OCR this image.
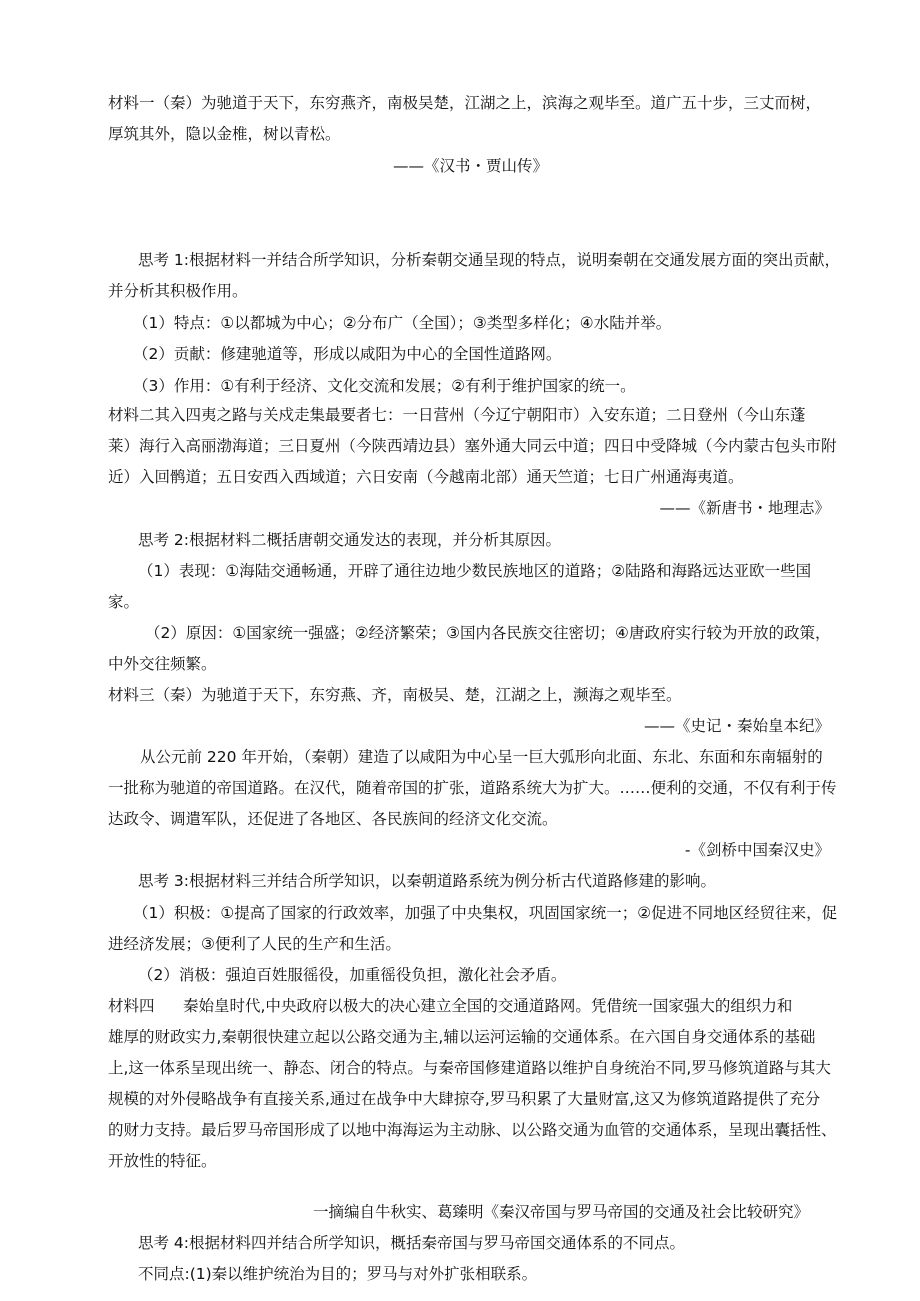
材料一（秦）为驰道于天下，东穷燕齐，南极吴楚，江湖之上，滨海之观毕至。道广五十步，三丈而树，
厚筑其外，隐以金椎，树以青松。
——《汉书・贾山传》
思考 1:根据材料一并结合所学知识，分析秦朝交通呈现的特点，说明秦朝在交通发展方面的突出贡献，
并分析其积极作用。
（1）特点：①以都城为中心；②分布广（全国）；③类型多样化；④水陆并举。
（2）贡献：修建驰道等，形成以咸阳为中心的全国性道路网。
（3）作用：①有利于经济、文化交流和发展；②有利于维护国家的统一。
材料二其入四夷之路与关戍走集最要者七：一日营州（今辽宁朝阳市）入安东道；二日登州（今山东蓬
莱）海行入高丽渤海道；三日夏州（今陕西靖边县）塞外通大同云中道；四日中受降城（今内蒙古包头市附
近）入回鹘道；五日安西入西域道；六日安南（今越南北部）通天竺道；七日广州通海夷道。
——《新唐书・地理志》
思考 2:根据材料二概括唐朝交通发达的表现，并分析其原因。
（1）表现：①海陆交通畅通，开辟了通往边地少数民族地区的道路；②陆路和海路远达亚欧一些国
家。
（2）原因：①国家统一强盛；②经济繁荣；③国内各民族交往密切；④唐政府实行较为开放的政策，
中外交往频繁。
材料三（秦）为驰道于天下，东穷燕、齐，南极吴、楚，江湖之上，濒海之观毕至。
——《史记・秦始皇本纪》
从公元前 220 年开始，（秦朝）建造了以咸阳为中心呈一巨大弧形向北面、东北、东面和东南辐射的
一批称为驰道的帝国道路。在汉代，随着帝国的扩张，道路系统大为扩大。……便利的交通，不仅有利于传
达政令、调遣军队，还促进了各地区、各民族间的经济文化交流。
-《剑桥中国秦汉史》
思考 3:根据材料三并结合所学知识，以秦朝道路系统为例分析古代道路修建的影响。
（1）积极：①提高了国家的行政效率，加强了中央集权，巩固国家统一；②促进不同地区经贸往来，促
进经济发展；③便利了人民的生产和生活。
（2）消极：强迫百姓服徭役，加重徭役负担，激化社会矛盾。
材料四 秦始皇时代,中央政府以极大的决心建立全国的交通道路网。凭借统一国家强大的组织力和
雄厚的财政实力,秦朝很快建立起以公路交通为主,辅以运河运输的交通体系。在六国自身交通体系的基础
上,这一体系呈现出统一、静态、闭合的特点。与秦帝国修建道路以维护自身统治不同,罗马修筑道路与其大
规模的对外侵略战争有直接关系,通过在战争中大肆掠夺,罗马积累了大量财富,这又为修筑道路提供了充分
的财力支持。最后罗马帝国形成了以地中海海运为主动脉、以公路交通为血管的交通体系，呈现出囊括性、
开放性的特征。
一摘编自牛秋实、葛臻明《秦汉帝国与罗马帝国的交通及社会比较研究》
思考 4:根据材料四并结合所学知识，概括秦帝国与罗马帝国交通体系的不同点。
不同点:(1)秦以维护统治为目的；罗马与对外扩张相联系。
